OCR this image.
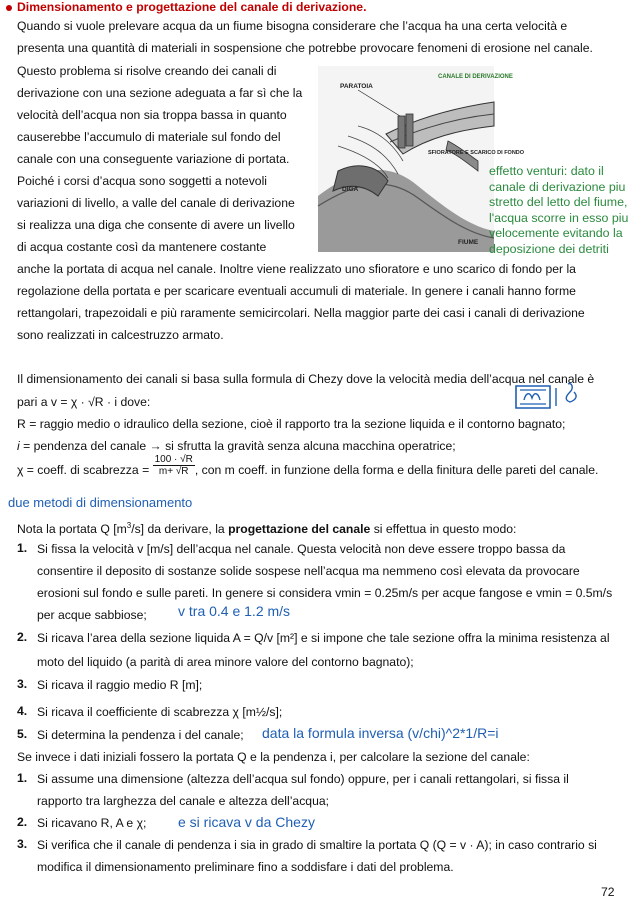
Dimensionamento e progettazione del canale di derivazione.
Quando si vuole prelevare acqua da un fiume bisogna considerare che l’acqua ha una certa velocità e
presenta una quantità di materiali in sospensione che potrebbe provocare fenomeni di erosione nel canale.
Questo problema si risolve creando dei canali di
derivazione con una sezione adeguata a far sì che la
velocità dell’acqua non sia troppa bassa in quanto
causerebbe l’accumulo di materiale sul fondo del
canale con una conseguente variazione di portata.
Poiché i corsi d’acqua sono soggetti a notevoli
variazioni di livello, a valle del canale di derivazione
si realizza una diga che consente di avere un livello
di acqua costante così da mantenere costante
PARATOIA
CANALE DI DERIVAZIONE
DIGA
FIUME
SFIORATORE E SCARICO DI FONDO
effetto venturi: dato il
canale di derivazione piu
stretto del letto del fiume,
l'acqua scorre in esso piu
velocemente evitando la
deposizione dei detriti
anche la portata di acqua nel canale. Inoltre viene realizzato uno sfioratore e uno scarico di fondo per la
regolazione della portata e per scaricare eventuali accumuli di materiale. In genere i canali hanno forme
rettangolari, trapezoidali e più raramente semicircolari. Nella maggior parte dei casi i canali di derivazione
sono realizzati in calcestruzzo armato.
Il dimensionamento dei canali si basa sulla formula di Chezy dove la velocità media dell’acqua nel canale è
pari a v = χ · √R · i dove:
R = raggio medio o idraulico della sezione, cioè il rapporto tra la sezione liquida e il contorno bagnato;
i = pendenza del canale → si sfrutta la gravità senza alcuna macchina operatrice;
χ = coeff. di scabrezza = $\frac{100 \cdot √R}{m+ √R}$ , con m coeff. in funzione della forma e della finitura delle pareti del canale.
due metodi di dimensionamento
Nota la portata Q $[m^3/s]$ da derivare, la progettazione del canale si effettua in questo modo:
1. Si fissa la velocità v [m/s] dell’acqua nel canale. Questa velocità non deve essere troppo bassa da
consentire il deposito di sostanze solide sospese nell’acqua ma nemmeno così elevata da provocare
erosioni sul fondo e sulle pareti. In genere si considera vmin = 0.25m/s per acque fangose e vmin = 0.5m/s
per acque sabbiose; v tra 0.4 e 1.2 m/s
2. Si ricava l’area della sezione liquida A = Q/v [m²] e si impone che tale sezione offra la minima resistenza al
moto del liquido (a parità di area minore valore del contorno bagnato);
3. Si ricava il raggio medio R [m];
4. Si ricava il coefficiente di scabrezza χ [m½/s];
5. Si determina la pendenza i del canale; data la formula inversa (v/chi)^2*1/R=i
Se invece i dati iniziali fossero la portata Q e la pendenza i, per calcolare la sezione del canale:
1. Si assume una dimensione (altezza dell’acqua sul fondo) oppure, per i canali rettangolari, si fissa il
rapporto tra larghezza del canale e altezza dell’acqua;
2. Si ricavano R, A e χ; e si ricava v da Chezy
3. Si verifica che il canale di pendenza i sia in grado di smaltire la portata Q (Q = v · A); in caso contrario si
modifica il dimensionamento preliminare fino a soddisfare i dati del problema.
72
